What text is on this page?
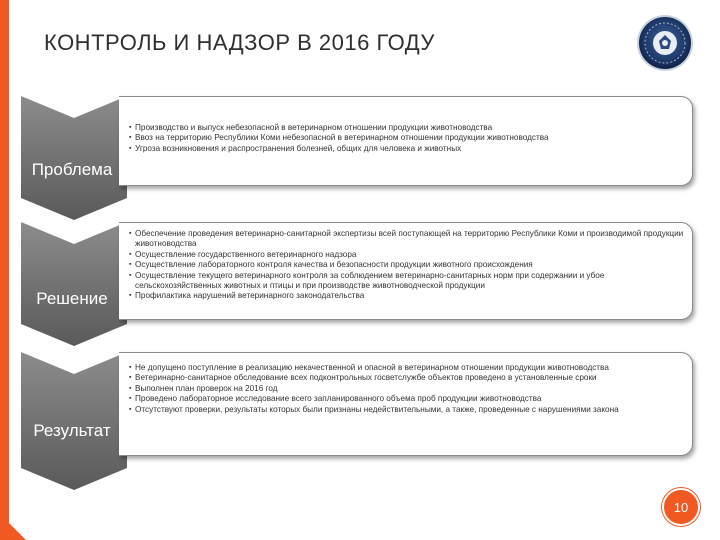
КОНТРОЛЬ И НАДЗОР В 2016 ГОДУ
Проблема
▪ Производство и выпуск небезопасной в ветеринарном отношении продукции животноводства
▪ Ввоз на территорию Республики Коми небезопасной в ветеринарном отношении продукции животноводства
▪ Угроза возникновения и распространения болезней, общих для человека и животных
Решение
▪ Обеспечение проведения ветеринарно-санитарной экспертизы всей поступающей на территорию Республики Коми и производимой продукции животноводства
▪ Осуществление государственного ветеринарного надзора
▪ Осуществление лабораторного контроля качества и безопасности продукции животного происхождения
▪ Осуществление текущего ветеринарного контроля за соблюдением ветеринарно-санитарных норм при содержании и убое сельскохозяйственных животных и птицы и при производстве животноводческой продукции
▪ Профилактика нарушений ветеринарного законодательства
Результат
▪ Не допущено поступление в реализацию некачественной и опасной в ветеринарном отношении продукции животноводства
▪ Ветеринарно-санитарное обследование всех подконтрольных госветслужбе объектов проведено в установленные сроки
▪ Выполнен план проверок на 2016 год
▪ Проведено лабораторное исследование всего запланированного объема проб продукции животноводства
▪ Отсутствуют проверки, результаты которых были признаны недействительными, а также, проведенные с нарушениями закона
10
